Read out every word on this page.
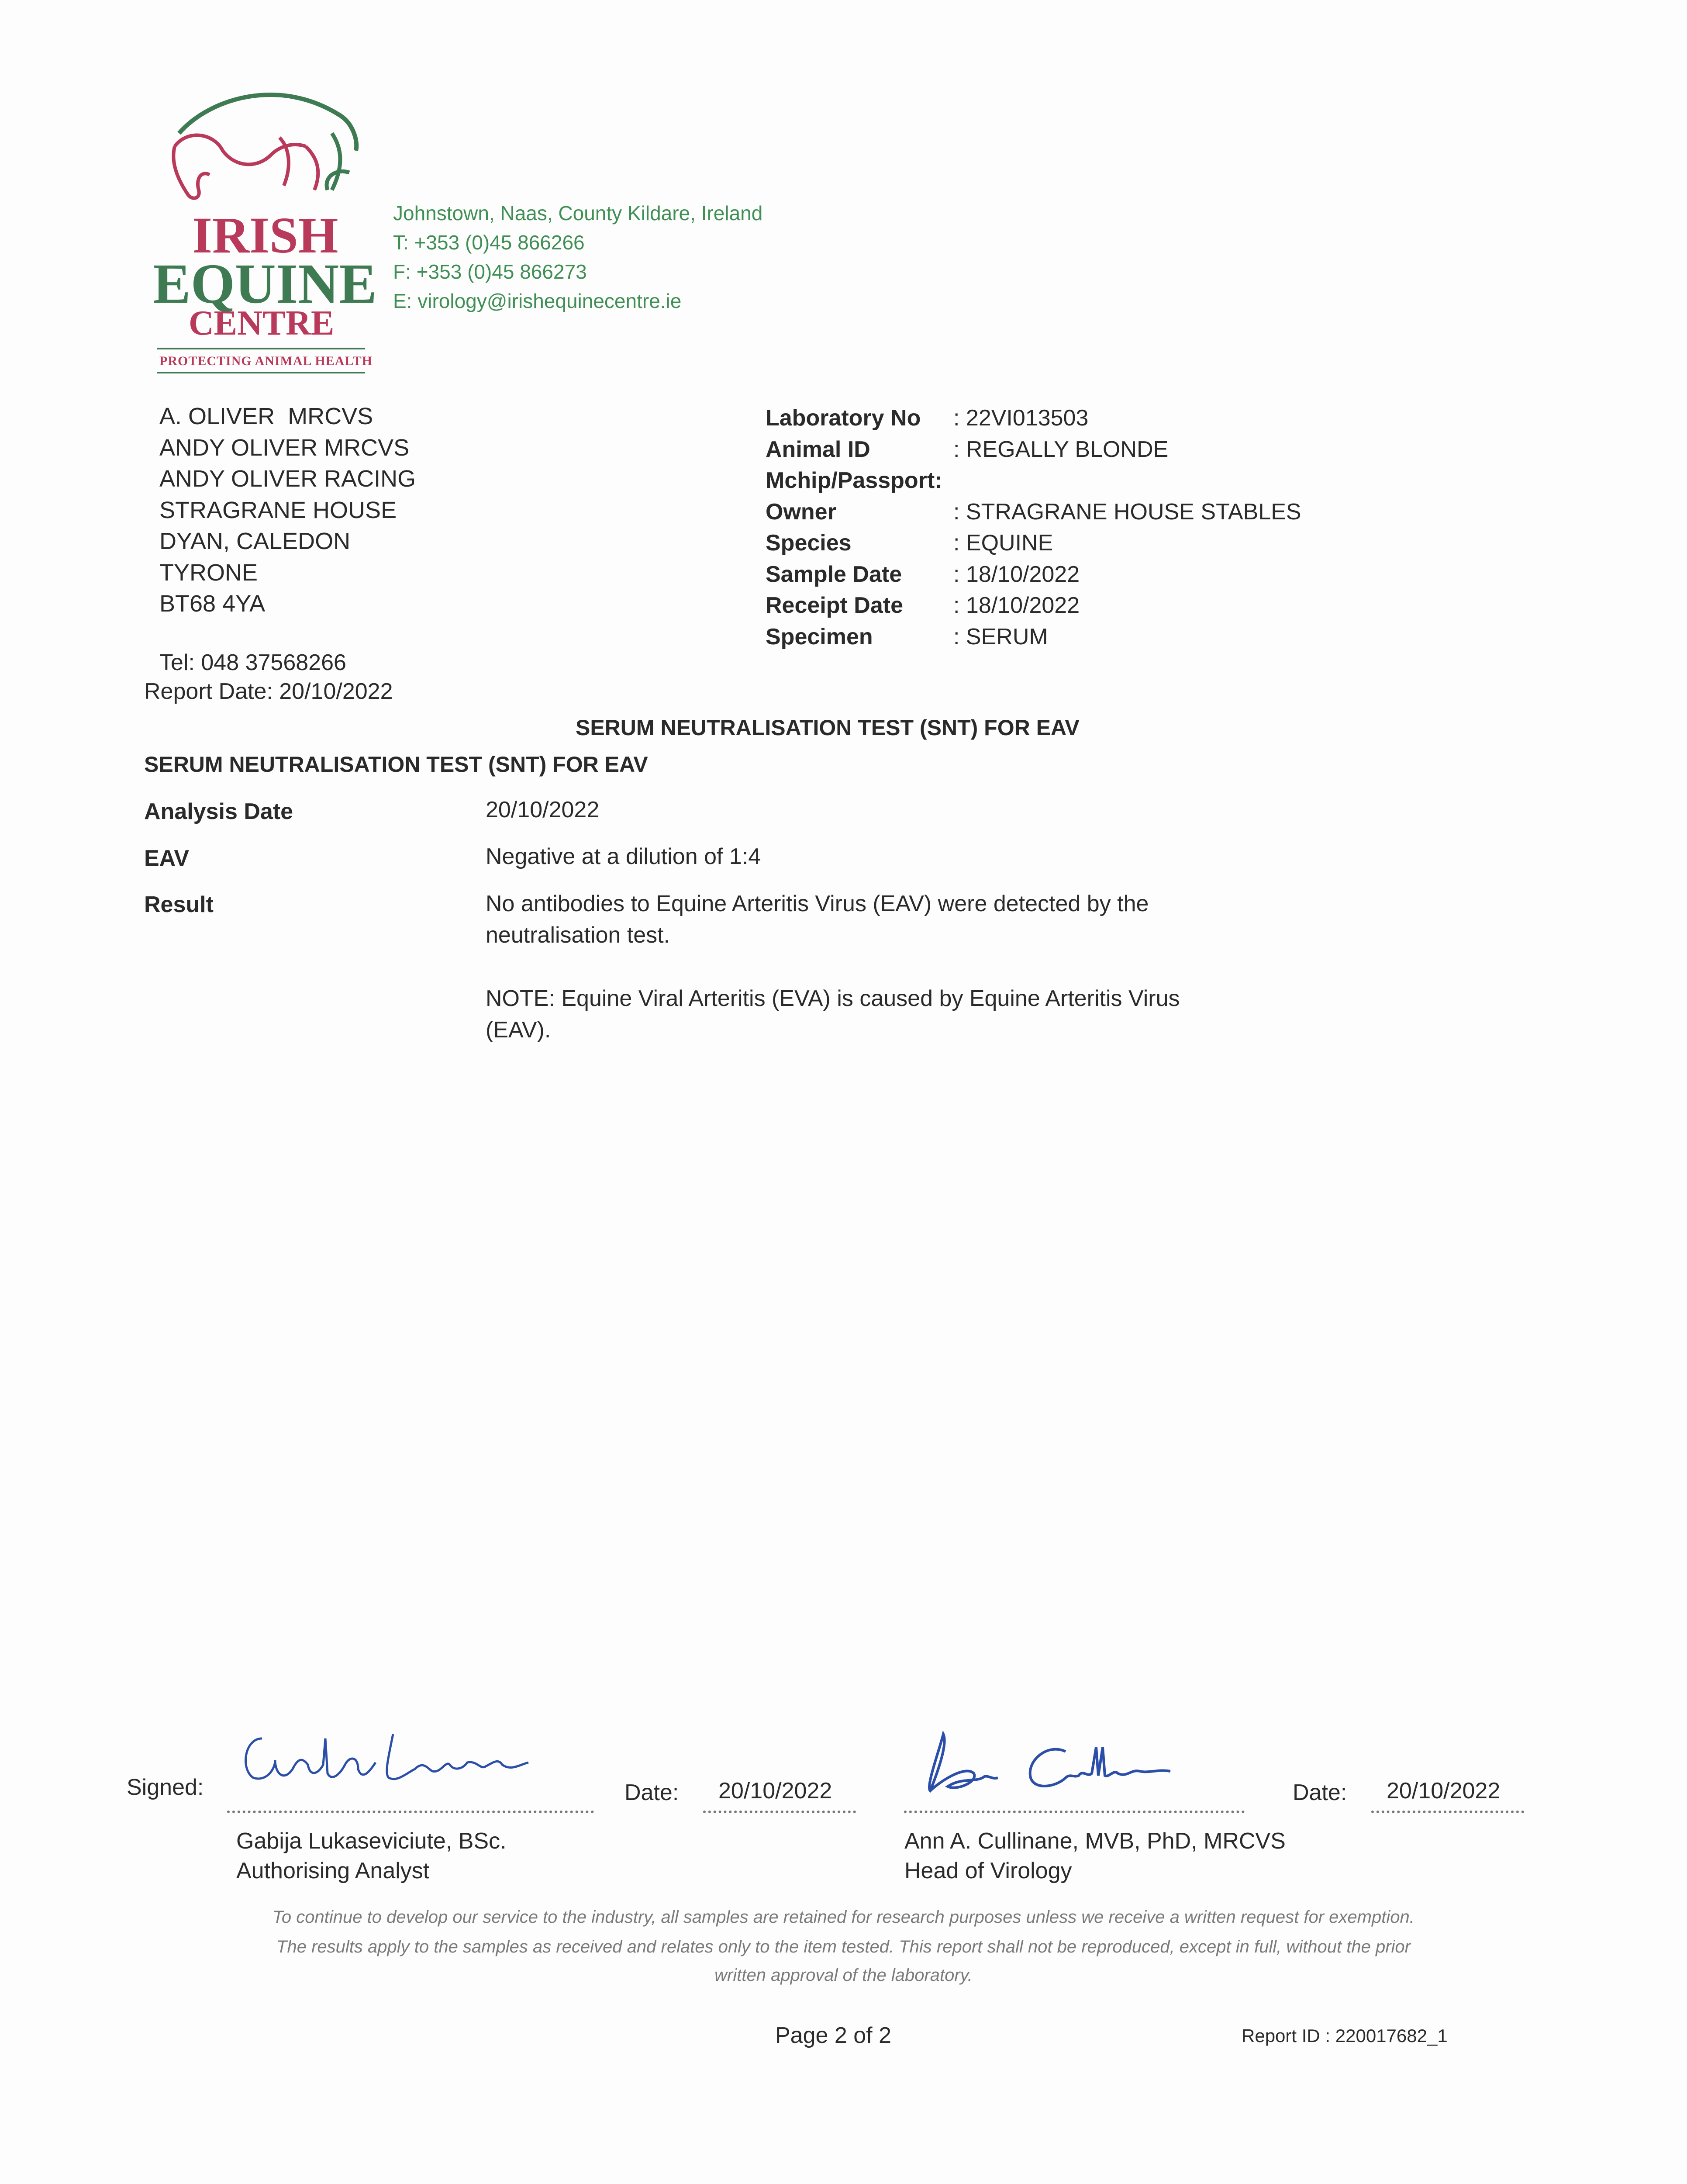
IRISH
EQUINE
CENTRE
PROTECTING ANIMAL HEALTH
Johnstown, Naas, County Kildare, Ireland
T: +353 (0)45 866266
F: +353 (0)45 866273
E: virology@irishequinecentre.ie
A. OLIVER  MRCVS
ANDY OLIVER MRCVS
ANDY OLIVER RACING
STRAGRANE HOUSE
DYAN, CALEDON
TYRONE
BT68 4YA
Tel: 048 37568266
Report Date: 20/10/2022
Laboratory No	: 22VI013503
Animal ID	: REGALLY BLONDE
Mchip/Passport:
Owner	: STRAGRANE HOUSE STABLES
Species	: EQUINE
Sample Date	: 18/10/2022
Receipt Date	: 18/10/2022
Specimen	: SERUM
SERUM NEUTRALISATION TEST (SNT) FOR EAV
SERUM NEUTRALISATION TEST (SNT) FOR EAV
Analysis Date	20/10/2022
EAV	Negative at a dilution of 1:4
Result	No antibodies to Equine Arteritis Virus (EAV) were detected by the neutralisation test.
NOTE: Equine Viral Arteritis (EVA) is caused by Equine Arteritis Virus (EAV).
Signed:	Date: 20/10/2022
Gabija Lukaseviciute, BSc.
Authorising Analyst
Date: 20/10/2022
Ann A. Cullinane, MVB, PhD, MRCVS
Head of Virology
To continue to develop our service to the industry, all samples are retained for research purposes unless we receive a written request for exemption.
The results apply to the samples as received and relates only to the item tested. This report shall not be reproduced, except in full, without the prior
written approval of the laboratory.
Page 2 of 2	Report ID : 220017682_1
